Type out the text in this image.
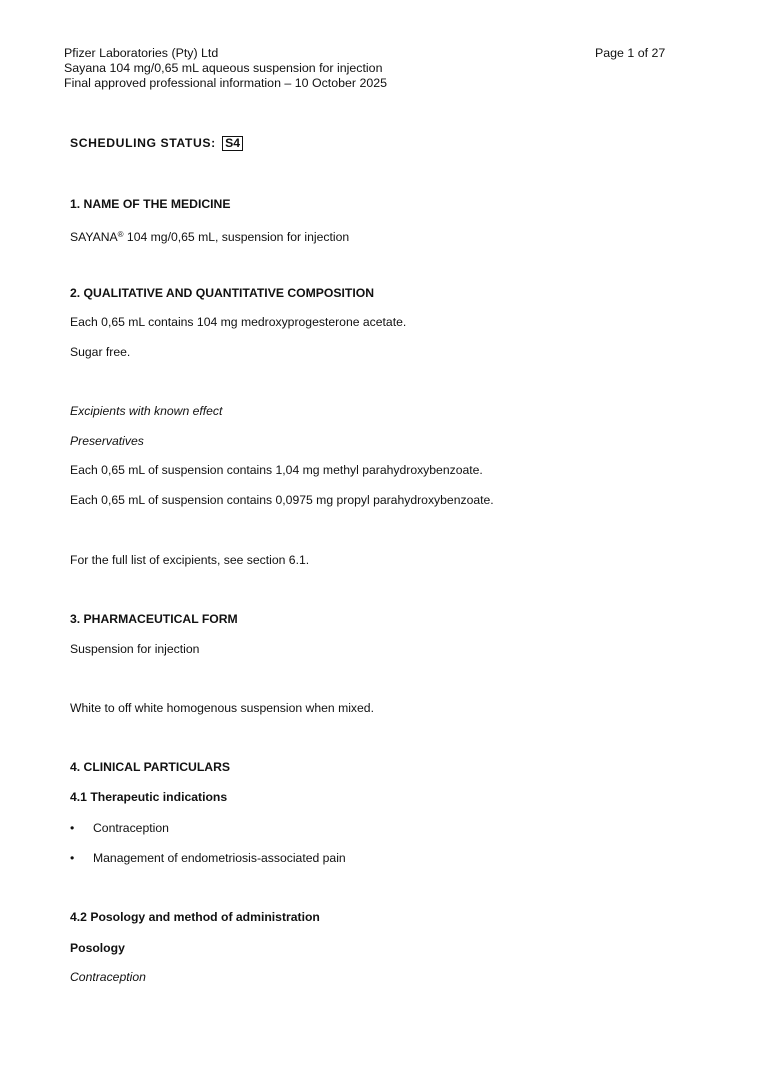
Pfizer Laboratories (Pty) Ltd
Sayana 104 mg/0,65 mL aqueous suspension for injection
Final approved professional information – 10 October 2025
Page 1 of 27
SCHEDULING STATUS: S4
1. NAME OF THE MEDICINE
SAYANA® 104 mg/0,65 mL, suspension for injection
2. QUALITATIVE AND QUANTITATIVE COMPOSITION
Each 0,65 mL contains 104 mg medroxyprogesterone acetate.
Sugar free.
Excipients with known effect
Preservatives
Each 0,65 mL of suspension contains 1,04 mg methyl parahydroxybenzoate.
Each 0,65 mL of suspension contains 0,0975 mg propyl parahydroxybenzoate.
For the full list of excipients, see section 6.1.
3. PHARMACEUTICAL FORM
Suspension for injection
White to off white homogenous suspension when mixed.
4. CLINICAL PARTICULARS
4.1 Therapeutic indications
• Contraception
• Management of endometriosis-associated pain
4.2 Posology and method of administration
Posology
Contraception
